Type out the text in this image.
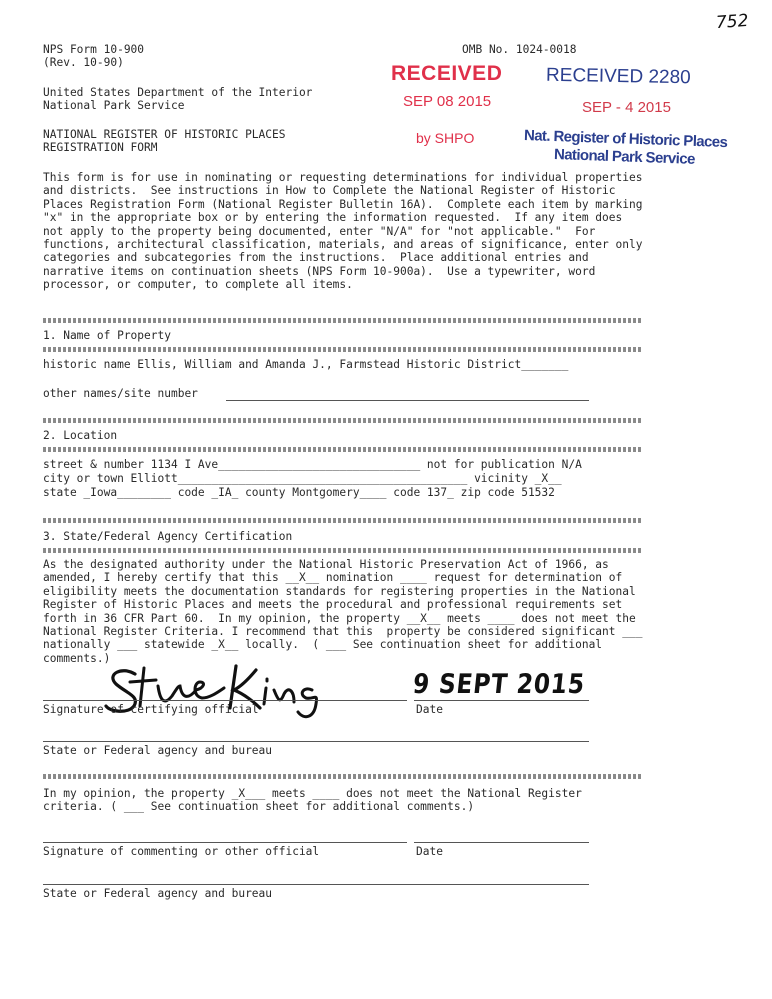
752
NPS Form 10-900
(Rev. 10-90)
OMB No. 1024-0018
United States Department of the Interior
National Park Service
NATIONAL REGISTER OF HISTORIC PLACES
REGISTRATION FORM
RECEIVED
SEP 08 2015
by SHPO
RECEIVED 2280
SEP - 4 2015
Nat. Register of Historic Places
National Park Service
This form is for use in nominating or requesting determinations for individual properties
and districts.  See instructions in How to Complete the National Register of Historic
Places Registration Form (National Register Bulletin 16A).  Complete each item by marking
"x" in the appropriate box or by entering the information requested.  If any item does
not apply to the property being documented, enter "N/A" for "not applicable."  For
functions, architectural classification, materials, and areas of significance, enter only
categories and subcategories from the instructions.  Place additional entries and
narrative items on continuation sheets (NPS Form 10-900a).  Use a typewriter, word
processor, or computer, to complete all items.
1. Name of Property
historic name Ellis, William and Amanda J., Farmstead Historic District_______
other names/site number
2. Location
street & number 1134 I Ave______________________________ not for publication N/A
city or town Elliott___________________________________________ vicinity _X__
state _Iowa________ code _IA_ county Montgomery____ code 137_ zip code 51532
3. State/Federal Agency Certification
As the designated authority under the National Historic Preservation Act of 1966, as
amended, I hereby certify that this __X__ nomination ____ request for determination of
eligibility meets the documentation standards for registering properties in the National
Register of Historic Places and meets the procedural and professional requirements set
forth in 36 CFR Part 60.  In my opinion, the property __X__ meets ____ does not meet the
National Register Criteria. I recommend that this  property be considered significant ___
nationally ___ statewide _X__ locally.  ( ___ See continuation sheet for additional
comments.)
9 SEPT 2015
Signature of certifying official	Date
State or Federal agency and bureau
In my opinion, the property _X___ meets ____ does not meet the National Register
criteria. ( ___ See continuation sheet for additional comments.)
Signature of commenting or other official	Date
State or Federal agency and bureau
